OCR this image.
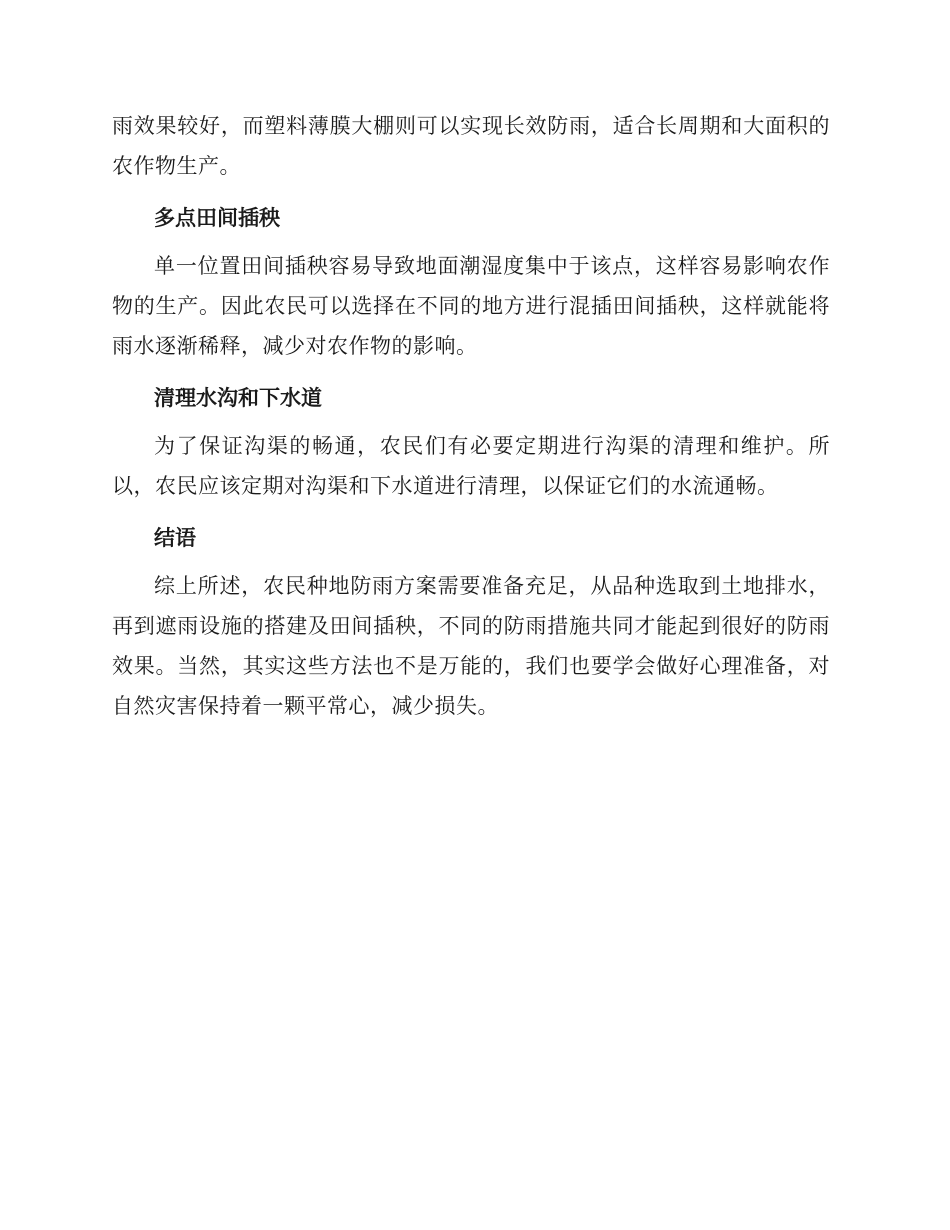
雨效果较好，而塑料薄膜大棚则可以实现长效防雨，适合长周期和大面积的农作物生产。

多点田间插秧

单一位置田间插秧容易导致地面潮湿度集中于该点，这样容易影响农作物的生产。因此农民可以选择在不同的地方进行混插田间插秧，这样就能将雨水逐渐稀释，减少对农作物的影响。

清理水沟和下水道

为了保证沟渠的畅通，农民们有必要定期进行沟渠的清理和维护。所以，农民应该定期对沟渠和下水道进行清理，以保证它们的水流通畅。

结语

综上所述，农民种地防雨方案需要准备充足，从品种选取到土地排水，再到遮雨设施的搭建及田间插秧，不同的防雨措施共同才能起到很好的防雨效果。当然，其实这些方法也不是万能的，我们也要学会做好心理准备，对自然灾害保持着一颗平常心，减少损失。
